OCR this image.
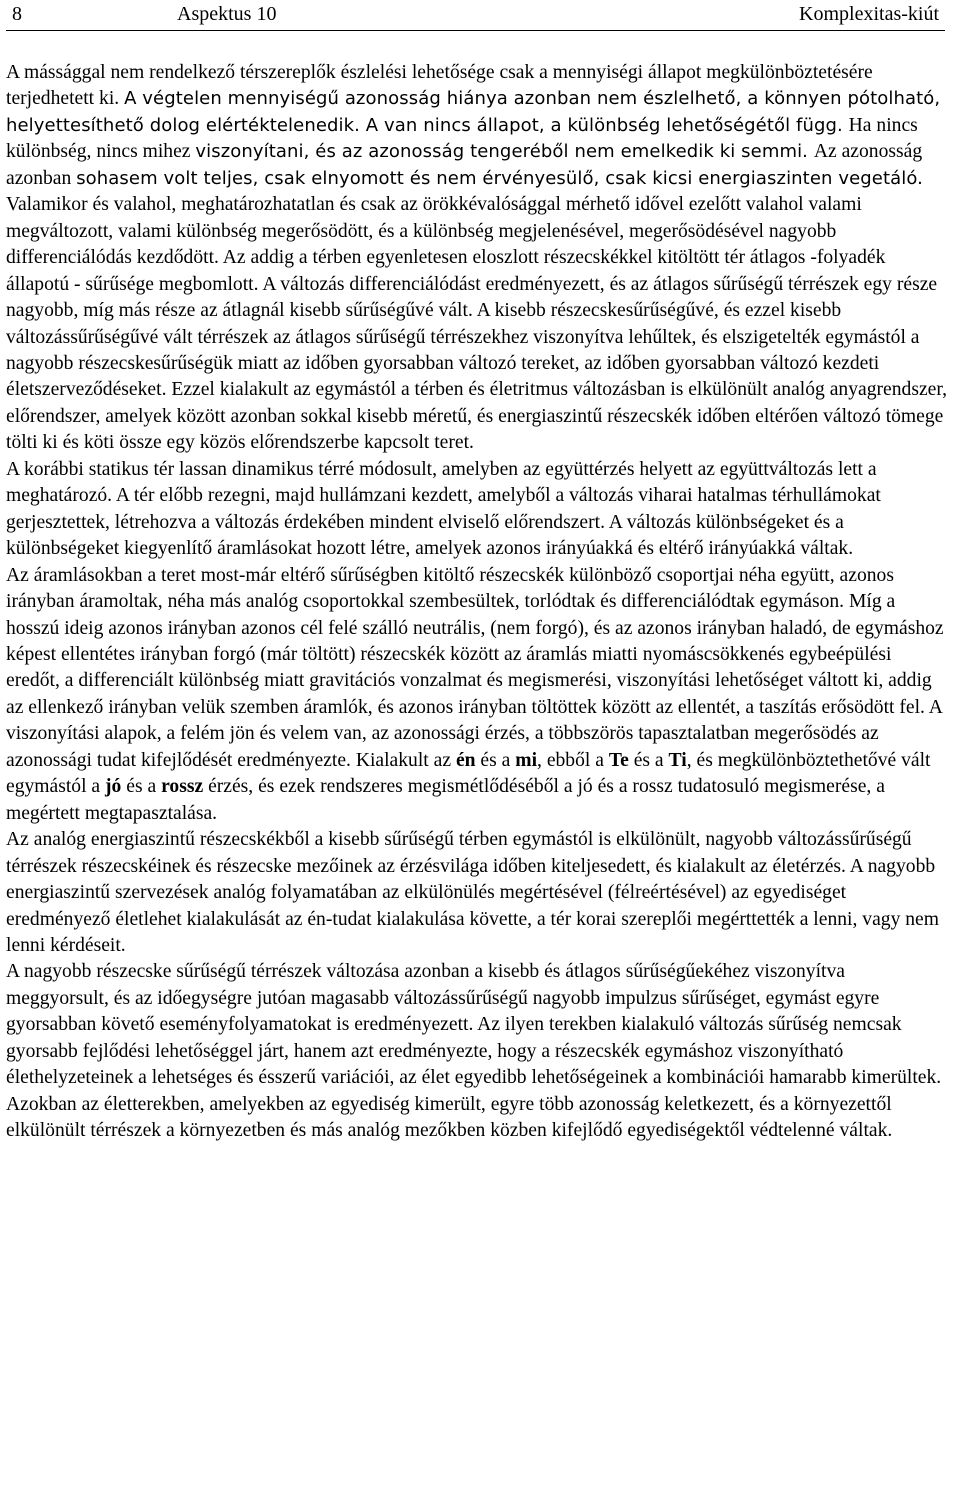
8	Aspektus 10	Komplexitas-kiút

A mássággal nem rendelkező térszereplők észlelési lehetősége csak a mennyiségi állapot megkülönböztetésére terjedhetett ki. A végtelen mennyiségű azonosság hiánya azonban nem észlelhető, a könnyen pótolható, helyettesíthető dolog elértéktelenedik. A van nincs állapot, a különbség lehetőségétől függ. Ha nincs különbség, nincs mihez viszonyítani, és az azonosság tengeréből nem emelkedik ki semmi. Az azonosság azonban sohasem volt teljes, csak elnyomott és nem érvényesülő, csak kicsi energiaszinten vegetáló. Valamikor és valahol, meghatározhatatlan és csak az örökkévalósággal mérhető idővel ezelőtt valahol valami megváltozott, valami különbség megerősödött, és a különbség megjelenésével, megerősödésével nagyobb differenciálódás kezdődött. Az addig a térben egyenletesen eloszlott részecskékkel kitöltött tér átlagos -folyadék állapotú - sűrűsége megbomlott. A változás differenciálódást eredményezett, és az átlagos sűrűségű térrészek egy része nagyobb, míg más része az átlagnál kisebb sűrűségűvé vált. A kisebb részecskesűrűségűvé, és ezzel kisebb változássűrűségűvé vált térrészek az átlagos sűrűségű térrészekhez viszonyítva lehűltek, és elszigetelték egymástól a nagyobb részecskesűrűségük miatt az időben gyorsabban változó tereket, az időben gyorsabban változó kezdeti életszerveződéseket. Ezzel kialakult az egymástól a térben és életritmus változásban is elkülönült analóg anyagrendszer, előrendszer, amelyek között azonban sokkal kisebb méretű, és energiaszintű részecskék időben eltérően változó tömege tölti ki és köti össze egy közös előrendszerbe kapcsolt teret.

A korábbi statikus tér lassan dinamikus térré módosult, amelyben az együttérzés helyett az együttváltozás lett a meghatározó. A tér előbb rezegni, majd hullámzani kezdett, amelyből a változás viharai hatalmas térhullámokat gerjesztettek, létrehozva a változás érdekében mindent elviselő előrendszert. A változás különbségeket és a különbségeket kiegyenlítő áramlásokat hozott létre, amelyek azonos irányúakká és eltérő irányúakká váltak.

Az áramlásokban a teret most-már eltérő sűrűségben kitöltő részecskék különböző csoportjai néha együtt, azonos irányban áramoltak, néha más analóg csoportokkal szembesültek, torlódtak és differenciálódtak egymáson. Míg a hosszú ideig azonos irányban azonos cél felé szálló neutrális, (nem forgó), és az azonos irányban haladó, de egymáshoz képest ellentétes irányban forgó (már töltött) részecskék között az áramlás miatti nyomáscsökkenés egybeépülési eredőt, a differenciált különbség miatt gravitációs vonzalmat és megismerési, viszonyítási lehetőséget váltott ki, addig az ellenkező irányban velük szemben áramlók, és azonos irányban töltöttek között az ellentét, a taszítás erősödött fel. A viszonyítási alapok, a felém jön és velem van, az azonossági érzés, a többszörös tapasztalatban megerősödés az azonossági tudat kifejlődését eredményezte. Kialakult az én és a mi, ebből a Te és a Ti, és megkülönböztethetővé vált egymástól a jó és a rossz érzés, és ezek rendszeres megismétlődéséből a jó és a rossz tudatosuló megismerése, a megértett megtapasztalása.

Az analóg energiaszintű részecskékből a kisebb sűrűségű térben egymástól is elkülönült, nagyobb változássűrűségű térrészek részecskéinek és részecske mezőinek az érzésvilága időben kiteljesedett, és kialakult az életérzés. A nagyobb energiaszintű szervezések analóg folyamatában az elkülönülés megértésével (félreértésével) az egyediséget eredményező életlehet kialakulását az én-tudat kialakulása követte, a tér korai szereplői megérttették a lenni, vagy nem lenni kérdéseit.

A nagyobb részecske sűrűségű térrészek változása azonban a kisebb és átlagos sűrűségűekéhez viszonyítva meggyorsult, és az időegységre jutóan magasabb változássűrűségű nagyobb impulzus sűrűséget, egymást egyre gyorsabban követő eseményfolyamatokat is eredményezett. Az ilyen terekben kialakuló változás sűrűség nemcsak gyorsabb fejlődési lehetőséggel járt, hanem azt eredményezte, hogy a részecskék egymáshoz viszonyítható élethelyzeteinek a lehetséges és ésszerű variációi, az élet egyedibb lehetőségeinek a kombinációi hamarabb kimerültek. Azokban az életterekben, amelyekben az egyediség kimerült, egyre több azonosság keletkezett, és a környezettől elkülönült térrészek a környezetben és más analóg mezőkben közben kifejlődő egyediségektől védtelenné váltak.
